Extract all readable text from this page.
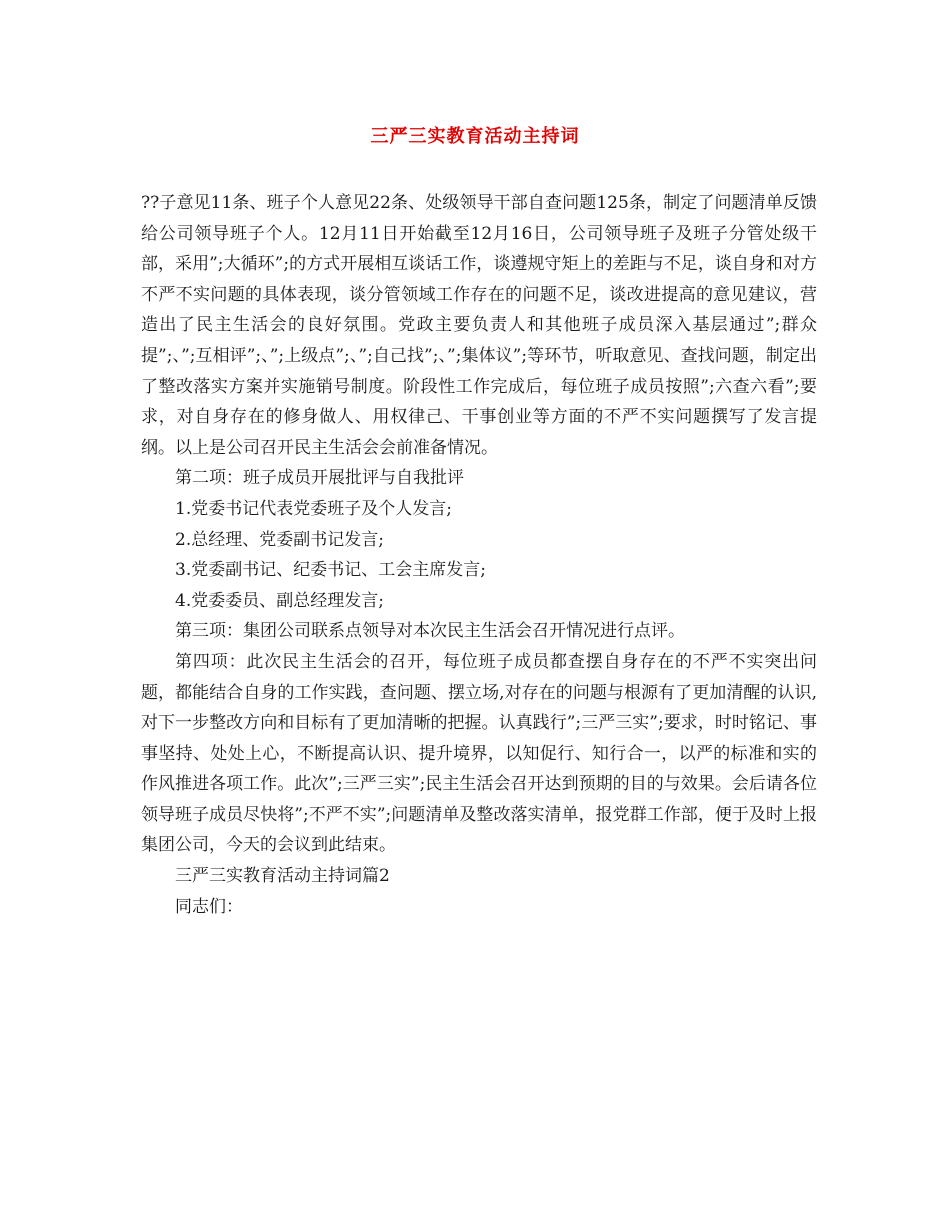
三严三实教育活动主持词

??子意见11条、班子个人意见22条、处级领导干部自查问题125条，制定了问题清单反馈给公司领导班子个人。12月11日开始截至12月16日，公司领导班子及班子分管处级干部，采用”;大循环”;的方式开展相互谈话工作，谈遵规守矩上的差距与不足，谈自身和对方不严不实问题的具体表现，谈分管领域工作存在的问题不足，谈改进提高的意见建议，营造出了民主生活会的良好氛围。党政主要负责人和其他班子成员深入基层通过”;群众提”;、”;互相评”;、”;上级点”;、”;自己找”;、”;集体议”;等环节，听取意见、查找问题，制定出了整改落实方案并实施销号制度。阶段性工作完成后，每位班子成员按照”;六查六看”;要求，对自身存在的修身做人、用权律己、干事创业等方面的不严不实问题撰写了发言提纲。以上是公司召开民主生活会会前准备情况。

第二项：班子成员开展批评与自我批评

1.党委书记代表党委班子及个人发言;

2.总经理、党委副书记发言;

3.党委副书记、纪委书记、工会主席发言;

4.党委委员、副总经理发言;

第三项：集团公司联系点领导对本次民主生活会召开情况进行点评。

第四项：此次民主生活会的召开，每位班子成员都查摆自身存在的不严不实突出问题，都能结合自身的工作实践，查问题、摆立场,对存在的问题与根源有了更加清醒的认识,对下一步整改方向和目标有了更加清晰的把握。认真践行”;三严三实”;要求，时时铭记、事事坚持、处处上心，不断提高认识、提升境界，以知促行、知行合一，以严的标准和实的作风推进各项工作。此次”;三严三实”;民主生活会召开达到预期的目的与效果。会后请各位领导班子成员尽快将”;不严不实”;问题清单及整改落实清单，报党群工作部，便于及时上报集团公司，今天的会议到此结束。

三严三实教育活动主持词篇2

同志们：
